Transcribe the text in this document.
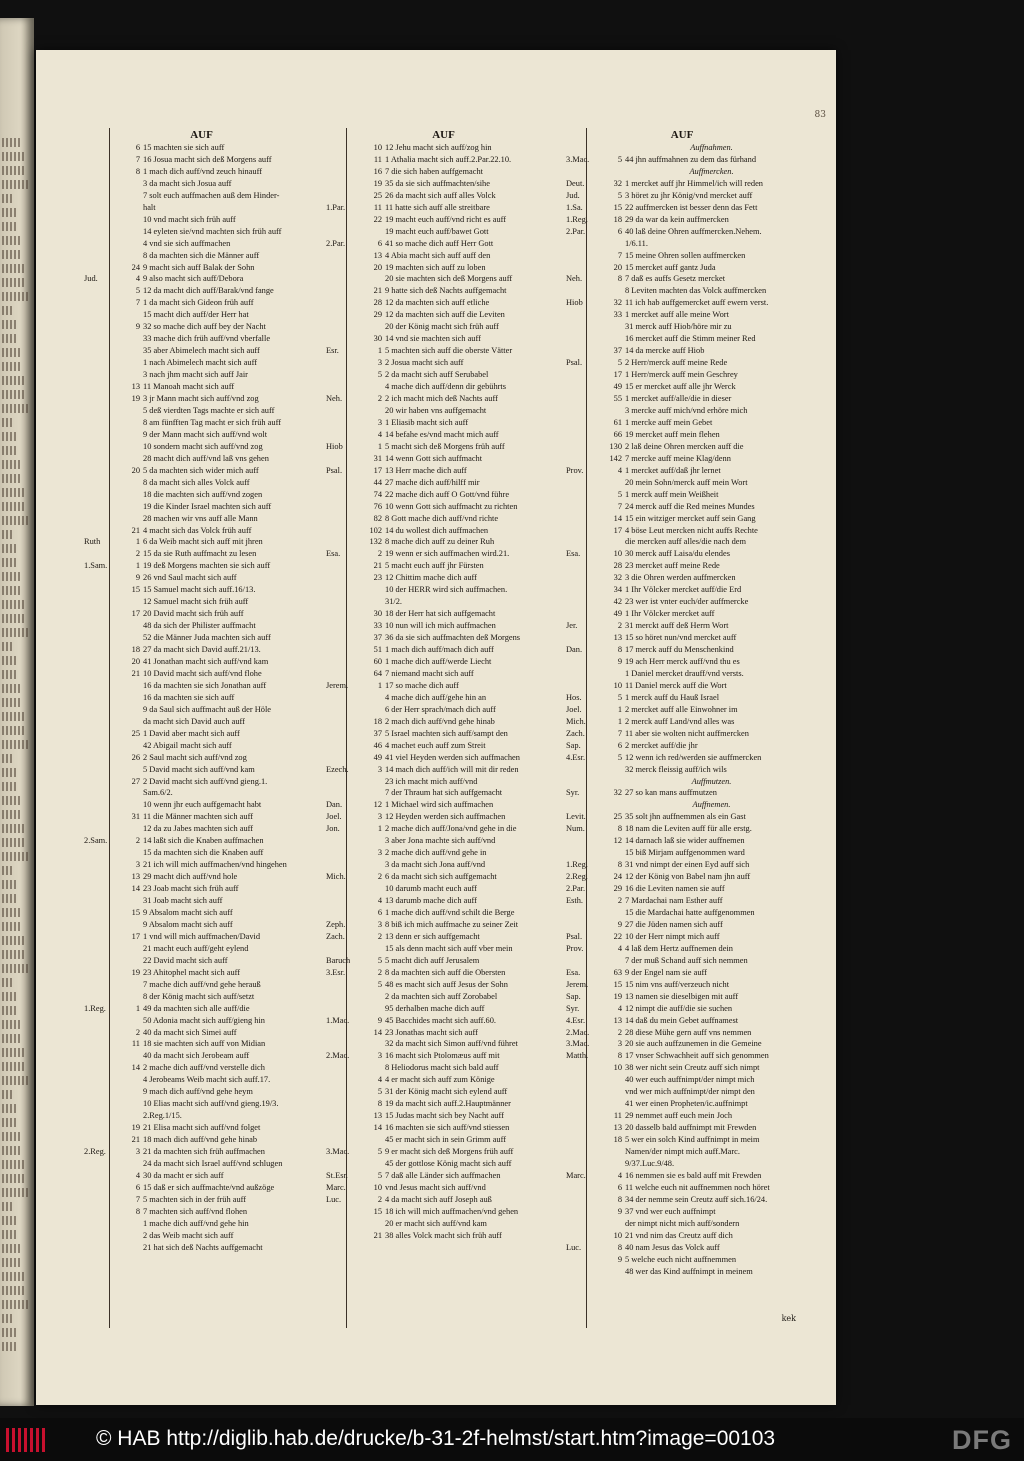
83
AUF
6 15 machten sie sich auff
7 16 Josua macht sich deß Morgens auff
8 1 mach dich auff/vnd zeuch hinauff
3 da macht sich Josua auff
7 solt euch auffmachen auß dem Hinder-
halt
10 vnd macht sich früh auff
14 eyleten sie/vnd machten sich früh auff
4 vnd sie sich auffmachen
8 da machten sich die Männer auff
24 9 macht sich auff Balak der Sohn
Jud.	4 9 also macht sich auff/Debora
5 12 da macht dich auff/Barak/vnd fange
7 1 da macht sich Gideon früh auff
15 macht dich auff/der Herr hat
9 32 so mache dich auff bey der Nacht
33 mache dich früh auff/vnd vberfalle
35 aber Abimelech macht sich auff
1 nach Abimelech macht sich auff
3 nach jhm macht sich auff Jair
13 11 Manoah macht sich auff
19 3 jr Mann macht sich auff/vnd zog
5 deß vierdten Tags machte er sich auff
8 am fünfften Tag macht er sich früh auff
9 der Mann macht sich auff/vnd wolt
10 sondern macht sich auff/vnd zog
28 macht dich auff/vnd laß vns gehen
20 5 da machten sich wider mich auff
8 da macht sich alles Volck auff
18 die machten sich auff/vnd zogen
19 die Kinder Israel machten sich auff
28 machen wir vns auff alle Mann
21 4 macht sich das Volck früh auff
Ruth	1 6 da Weib macht sich auff mit jhren
2 15 da sie Ruth auffmacht zu lesen
1.Sam.	1 19 deß Morgens machten sie sich auff
9 26 vnd Saul macht sich auff
15 15 Samuel macht sich auff.16/13.
12 Samuel macht sich früh auff
17 20 David macht sich früh auff
48 da sich der Philister auffmacht
52 die Männer Juda machten sich auff
18 27 da macht sich David auff.21/13.
20 41 Jonathan macht sich auff/vnd kam
21 10 David macht sich auff/vnd flohe
16 da machten sie sich Jonathan auff
16 da machten sie sich auff
9 da Saul sich auffmacht auß der Höle
da macht sich David auch auff
25 1 David aber macht sich auff
42 Abigail macht sich auff
26 2 Saul macht sich auff/vnd zog
5 David macht sich auff/vnd kam
27 2 David macht sich auff/vnd gieng.1.
Sam.6/2.
10 wenn jhr euch auffgemacht habt
31 11 die Männer machten sich auff
12 da zu Jabes machten sich auff
2.Sam.	2 14 laßt sich die Knaben auffmachen
15 da machten sich die Knaben auff
3 21 ich will mich auffmachen/vnd hingehen
13 29 macht dich auff/vnd hole
14 23 Joab macht sich früh auff
31 Joab macht sich auff
15 9 Absalom macht sich auff
9 Absalom macht sich auff
17 1 vnd will mich auffmachen/David
21 macht euch auff/geht eylend
22 David macht sich auff
19 23 Ahitophel macht sich auff
7 mache dich auff/vnd gehe herauß
8 der König macht sich auff/setzt
1.Reg.	1 49 da machten sich alle auff/die
50 Adonia macht sich auff/gieng hin
2 40 da macht sich Simei auff
11 18 sie machten sich auff von Midian
40 da macht sich Jerobeam auff
14 2 mache dich auff/vnd verstelle dich
4 Jerobeams Weib macht sich auff.17.
9 mach dich auff/vnd gehe heym
10 Elias macht sich auff/vnd gieng.19/3.
2.Reg.1/15.
19 21 Elisa macht sich auff/vnd folget
21 18 mach dich auff/vnd gehe hinab
2.Reg.	3 21 da machten sich früh auffmachen
24 da macht sich Israel auff/vnd schlugen
4 30 da macht er sich auff
6 15 daß er sich auffmachte/vnd außzöge
7 5 machten sich in der früh auff
8 7 machten sich auff/vnd flohen
1 mache dich auff/vnd gehe hin
2 das Weib macht sich auff
21 hat sich deß Nachts auffgemacht
AUF
10 12 Jehu macht sich auff/zog hin
11 1 Athalia macht sich auff.2.Par.22.10.
16 7 die sich haben auffgemacht
19 35 da sie sich auffmachten/sihe
25 26 da macht sich auff alles Volck
1.Par.	11 11 hatte sich auff alle streitbare
22 19 macht euch auff/vnd richt es auff
19 macht euch auff/bawet Gott
2.Par.	6 41 so mache dich auff Herr Gott
13 4 Abia macht sich auff auff den
20 19 machten sich auff zu loben
20 sie machten sich deß Morgens auff
21 9 hatte sich deß Nachts auffgemacht
28 12 da machten sich auff etliche
29 12 da machten sich auff die Leviten
20 der König macht sich früh auff
30 14 vnd sie machten sich auff
Esr.	1 5 machten sich auff die oberste Vätter
3 2 Josua macht sich auff
5 2 da macht sich auff Serubabel
4 mache dich auff/denn dir gebührts
Neh.	2 2 ich macht mich deß Nachts auff
20 wir haben vns auffgemacht
3 1 Eliasib macht sich auff
4 14 befahe es/vnd macht mich auff
Hiob	1 5 macht sich deß Morgens früh auff
31 14 wenn Gott sich auffmacht
Psal.	17 13 Herr mache dich auff
44 27 mache dich auff/hilff mir
74 22 mache dich auff O Gott/vnd führe
76 10 wenn Gott sich auffmacht zu richten
82 8 Gott mache dich auff/vnd richte
102 14 du wollest dich auffmachen
132 8 mache dich auff zu deiner Ruh
Esa.	2 19 wenn er sich auffmachen wird.21.
21 5 macht euch auff jhr Fürsten
23 12 Chittim mache dich auff
10 der HERR wird sich auffmachen.
31/2.
30 18 der Herr hat sich auffgemacht
33 10 nun will ich mich auffmachen
37 36 da sie sich auffmachten deß Morgens
51 1 mach dich auff/mach dich auff
60 1 mache dich auff/werde Liecht
64 7 niemand macht sich auff
Jerem.	1 17 so mache dich auff
4 mache dich auff/gehe hin an
6 der Herr sprach/mach dich auff
18 2 mach dich auff/vnd gehe hinab
37 5 Israel machten sich auff/sampt den
46 4 machet euch auff zum Streit
49 41 viel Heyden werden sich auffmachen
Ezech.	3 14 mach dich auff/ich will mit dir reden
23 ich macht mich auff/vnd
7 der Thraum hat sich auffgemacht
Dan.	12 1 Michael wird sich auffmachen
Joel.	3 12 Heyden werden sich auffmachen
Jon.	1 2 mache dich auff/Jona/vnd gehe in die
3 aber Jona machte sich auff/vnd
3 2 mache dich auff/vnd gehe in
3 da macht sich Jona auff/vnd
Mich.	2 6 da macht sich sich auffgemacht
10 darumb macht euch auff
4 13 darumb mache dich auff
6 1 mache dich auff/vnd schilt die Berge
Zeph.	3 8 biß ich mich auffmache zu seiner Zeit
Zach.	2 13 denn er sich auffgemacht
15 als denn macht sich auff vber mein
Baruch	5 5 macht dich auff Jerusalem
3.Esr.	2 8 da machten sich auff die Obersten
5 48 es macht sich auff Jesus der Sohn
2 da machten sich auff Zorobabel
95 derhalben mache dich auff
1.Mac.	9 45 Bacchides macht sich auff.60.
14 23 Jonathas macht sich auff
32 da macht sich Simon auff/vnd führet
2.Mac.	3 16 macht sich Ptolomæus auff mit
8 Heliodorus macht sich bald auff
4 4 er macht sich auff zum Könige
5 31 der König macht sich eylend auff
8 19 da macht sich auff.2.Hauptmänner
13 15 Judas macht sich bey Nacht auff
14 16 machten sie sich auff/vnd stiessen
45 er macht sich in sein Grimm auff
3.Mac.	5 9 er macht sich deß Morgens früh auff
45 der gottlose König macht sich auff
St.Esr.	5 7 daß alle Länder sich auffmachen
Marc.	10 vnd Jesus macht sich auff/vnd
Luc.	2 4 da macht sich auff Joseph auß
15 18 ich will mich auffmachen/vnd gehen
20 er macht sich auff/vnd kam
21 38 alles Volck macht sich früh auff
AUF
Auffnahmen.
3.Mac.	5 44 jhn auffmahnen zu dem das fürhand
Auffmercken.
Deut.	32 1 mercket auff jhr Himmel/ich will reden
Jud.	5 3 höret zu jhr König/vnd mercket auff
1.Sa.	15 22 auffmercken ist besser denn das Fett
1.Reg.	18 29 da war da kein auffmercken
2.Par.	6 40 laß deine Ohren auffmercken.Nehem.
1/6.11.
7 15 meine Ohren sollen auffmercken
20 15 mercket auff gantz Juda
Neh.	8 7 daß es auffs Gesetz mercket
8 Leviten machten das Volck auffmercken
Hiob	32 11 ich hab auffgemercket auff ewern verst.
33 1 mercket auff alle meine Wort
31 merck auff Hiob/höre mir zu
16 mercket auff die Stimm meiner Red
37 14 da mercke auff Hiob
Psal.	5 2 Herr/merck auff meine Rede
17 1 Herr/merck auff mein Geschrey
49 15 er mercket auff alle jhr Werck
55 1 mercket auff/alle/die in dieser
3 mercke auff mich/vnd erhöre mich
61 1 mercke auff mein Gebet
66 19 mercket auff mein flehen
130 2 laß deine Ohren mercken auff die
142 7 mercke auff meine Klag/denn
Prov.	4 1 mercket auff/daß jhr lernet
20 mein Sohn/merck auff mein Wort
5 1 merck auff mein Weißheit
7 24 merck auff die Red meines Mundes
14 15 ein witziger mercket auff sein Gang
17 4 böse Leut mercken nicht auffs Rechte
die mercken auff alles/die nach dem
Esa.	10 30 merck auff Laisa/du elendes
28 23 mercket auff meine Rede
32 3 die Ohren werden auffmercken
34 1 Ihr Völcker mercket auff/die Erd
42 23 wer ist vnter euch/der auffmercke
49 1 Ihr Völcker mercket auff
Jer.	2 31 merckt auff deß Herrn Wort
13 15 so höret nun/vnd mercket auff
Dan.	8 17 merck auff du Menschenkind
9 19 ach Herr merck auff/vnd thu es
1 Daniel mercket drauff/vnd versts.
10 11 Daniel merck auff die Wort
Hos.	5 1 merck auff du Hauß Israel
Joel.	1 2 mercket auff alle Einwohner im
Mich.	1 2 merck auff Land/vnd alles was
Zach.	7 11 aber sie wolten nicht auffmercken
Sap.	6 2 mercket auff/die jhr
4.Esr.	5 12 wenn ich red/werden sie auffmercken
32 merck fleissig auff/ich wils
Auffmutzen.
Syr.	32 27 so kan mans auffmutzen
Auffnemen.
Levit.	25 35 solt jhn auffnemmen als ein Gast
Num.	8 18 nam die Leviten auff für alle erstg.
12 14 darnach laß sie wider auffnemen
15 biß Mirjam auffgenommen ward
1.Reg.	8 31 vnd nimpt der einen Eyd auff sich
2.Reg.	24 12 der König von Babel nam jhn auff
2.Par.	29 16 die Leviten namen sie auff
Esth.	2 7 Mardachai nam Esther auff
15 die Mardachai hatte auffgenommen
9 27 die Jüden namen sich auff
Psal.	22 10 der Herr nimpt mich auff
Prov.	4 4 laß dem Hertz auffnemen dein
7 der muß Schand auff sich nemmen
Esa.	63 9 der Engel nam sie auff
Jerem.	15 15 nim vns auff/verzeuch nicht
Sap.	19 13 namen sie dieselbigen mit auff
Syr.	4 12 nimpt die auff/die sie suchen
4.Esr.	13 14 daß du mein Gebet auffnamest
2.Mac.	2 28 diese Mühe gern auff vns nemmen
3.Mac.	3 20 sie auch auffzunemen in die Gemeine
Matth.	8 17 vnser Schwachheit auff sich genommen
10 38 wer nicht sein Creutz auff sich nimpt
40 wer euch auffnimpt/der nimpt mich
vnd wer mich auffnimpt/der nimpt den
41 wer einen Propheten/ic.auffnimpt
11 29 nemmet auff euch mein Joch
13 20 dasselb bald auffnimpt mit Frewden
18 5 wer ein solch Kind auffnimpt in meim
Namen/der nimpt mich auff.Marc.
9/37.Luc.9/48.
Marc.	4 16 nemmen sie es bald auff mit Frewden
6 11 welche euch nit auffnemmen noch höret
8 34 der nemme sein Creutz auff sich.16/24.
9 37 vnd wer euch auffnimpt
der nimpt nicht mich auff/sondern
10 21 vnd nim das Creutz auff dich
Luc.	8 40 nam Jesus das Volck auff
9 5 welche euch nicht auffnemmen
48 wer das Kind auffnimpt in meinem
kek
© HAB http://diglib.hab.de/drucke/b-31-2f-helmst/start.htm?image=00103	DFG
